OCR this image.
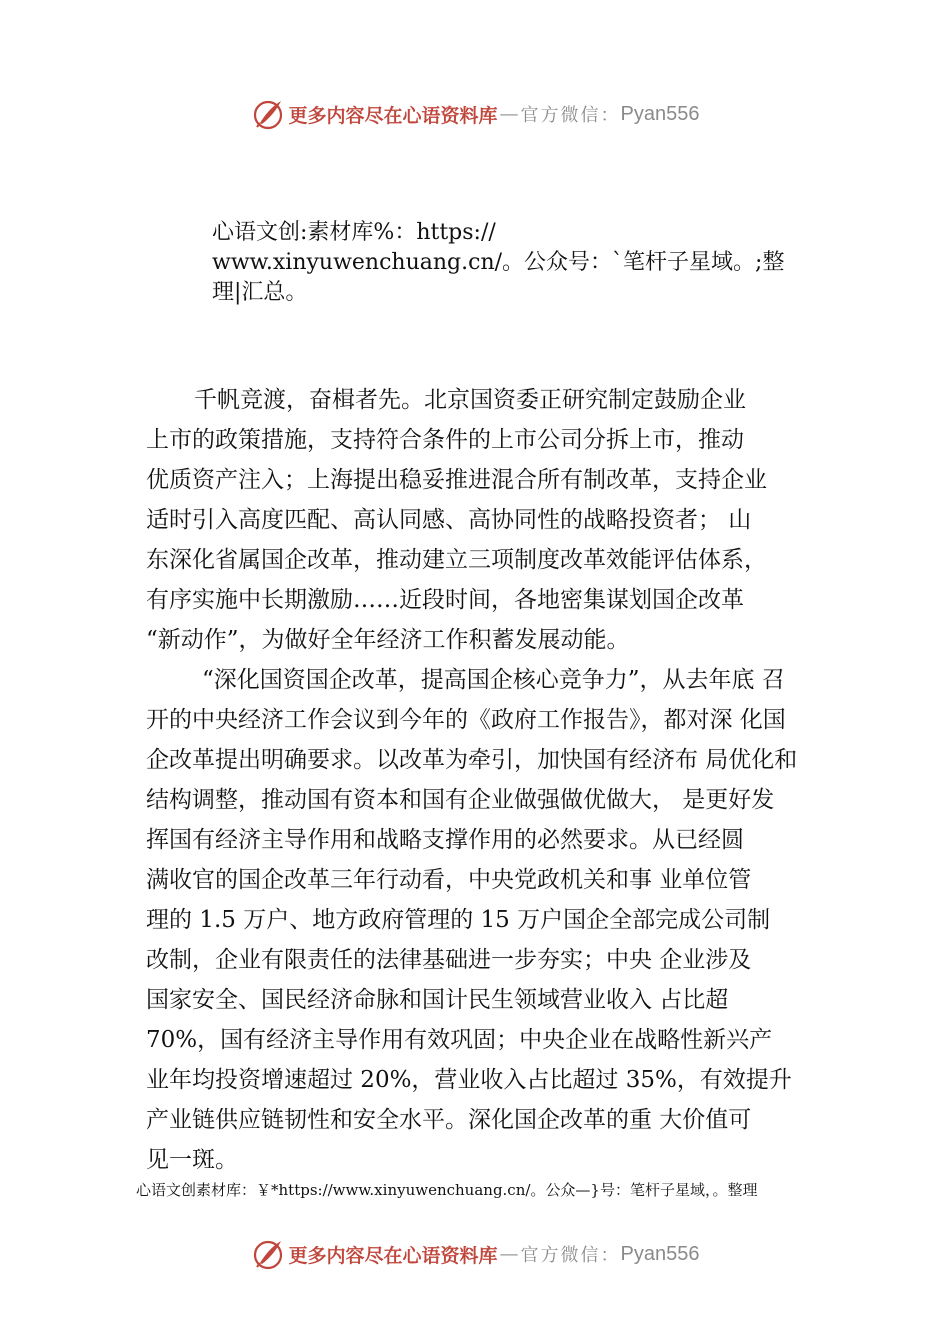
更多内容尽在心语资料库 — 官方微信： Pyan556
心语文创:素材库%：https://
www.xinyuwenchuang.cn/。公众号：`笔杆子星域。;整
理|汇总。
千帆竞渡，奋楫者先。北京国资委正研究制定鼓励企业
上市的政策措施，支持符合条件的上市公司分拆上市，推动
优质资产注入；上海提出稳妥推进混合所有制改革，支持企业
适时引入高度匹配、高认同感、高协同性的战略投资者； 山
东深化省属国企改革，推动建立三项制度改革效能评估体系，
有序实施中长期激励……近段时间，各地密集谋划国企改革
“新动作”，为做好全年经济工作积蓄发展动能。
“深化国资国企改革，提高国企核心竞争力”，从去年底 召
开的中央经济工作会议到今年的《政府工作报告》，都对深 化国
企改革提出明确要求。以改革为牵引，加快国有经济布 局优化和
结构调整，推动国有资本和国有企业做强做优做大， 是更好发
挥国有经济主导作用和战略支撑作用的必然要求。从已经圆
满收官的国企改革三年行动看，中央党政机关和事 业单位管
理的 1.5 万户、地方政府管理的 15 万户国企全部完成公司制
改制，企业有限责任的法律基础进一步夯实；中央 企业涉及
国家安全、国民经济命脉和国计民生领域营业收入 占比超
70%，国有经济主导作用有效巩固；中央企业在战略性新兴产
业年均投资增速超过 20%，营业收入占比超过 35%，有效提升
产业链供应链韧性和安全水平。深化国企改革的重 大价值可
见一斑。
心语文创素材库：￥*https://www.xinyuwenchuang.cn/。公众—}号：笔杆子星域，。整理
更多内容尽在心语资料库 — 官方微信： Pyan556
